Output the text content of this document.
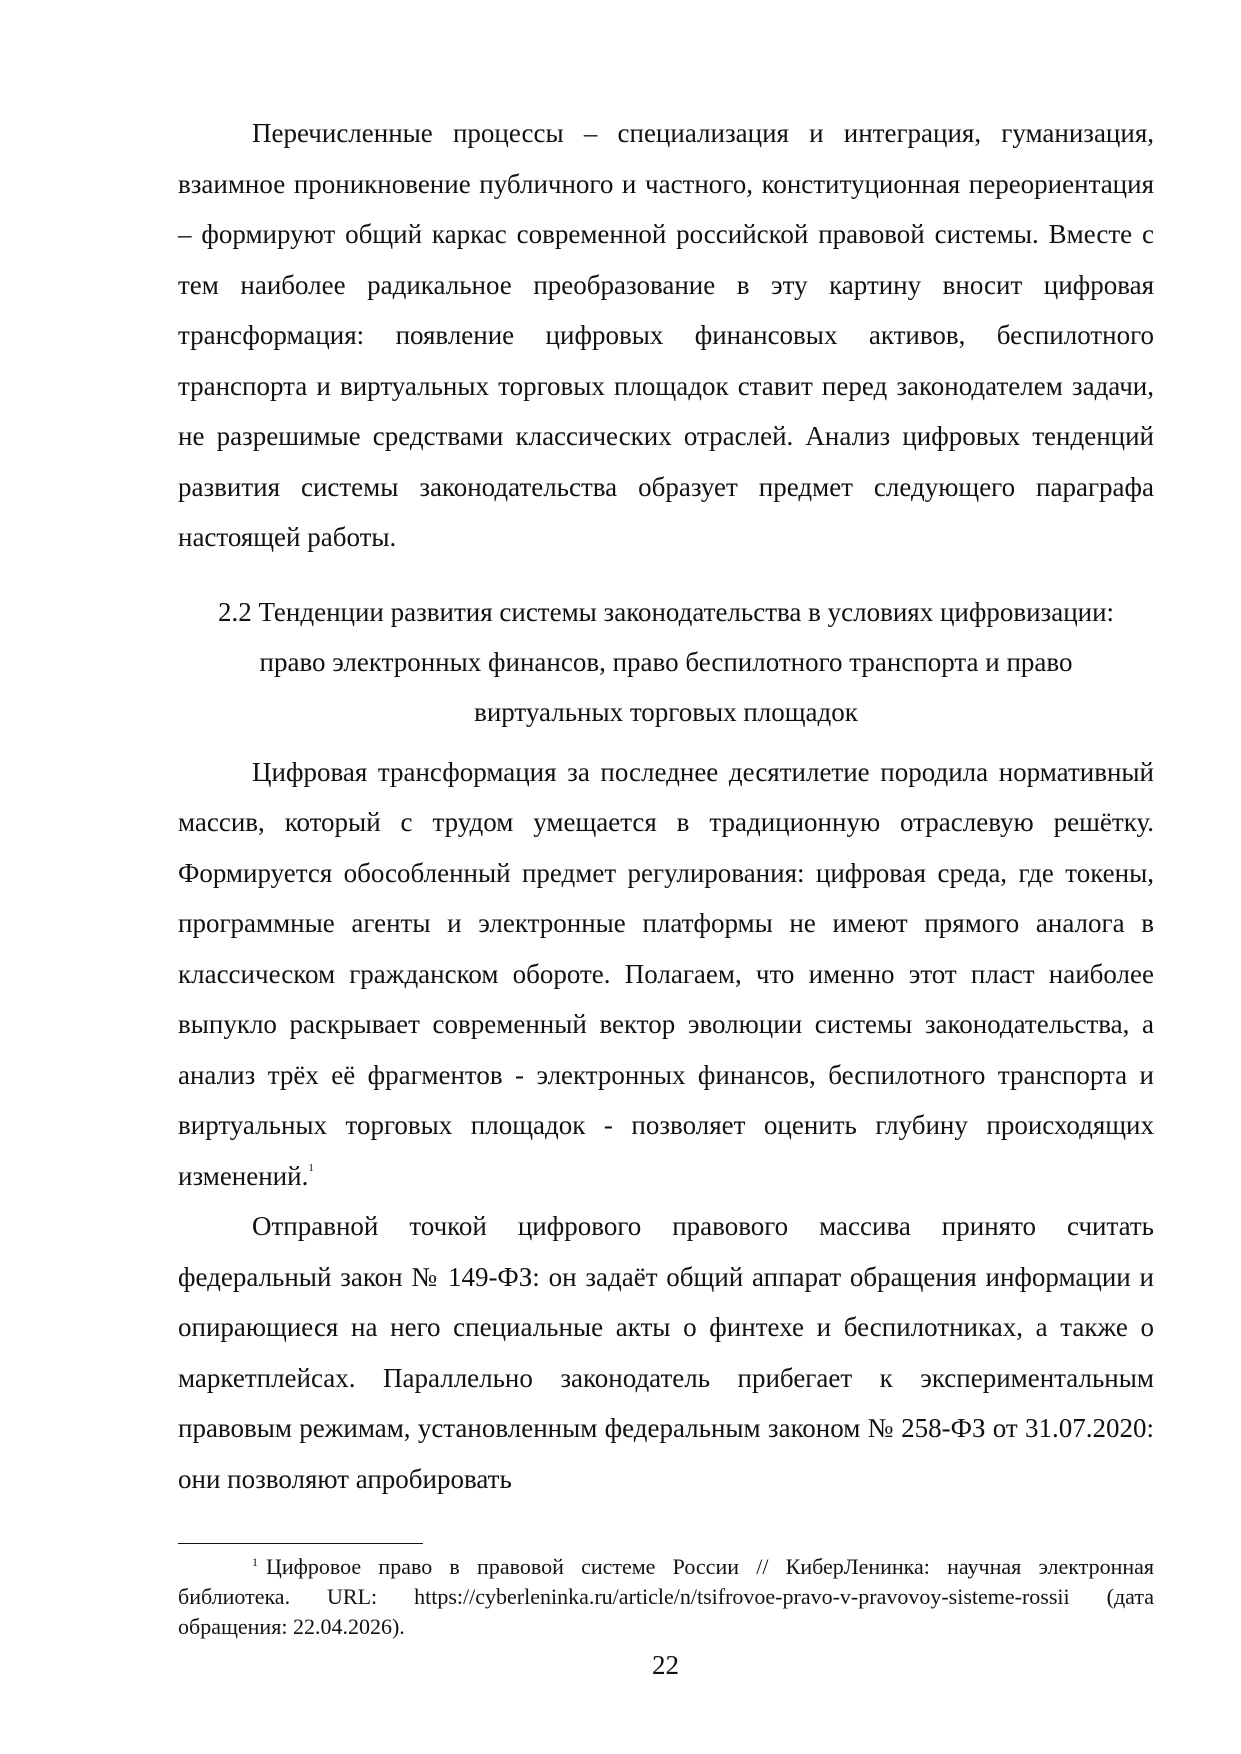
Перечисленные процессы – специализация и интеграция, гуманизация, взаимное проникновение публичного и частного, конституционная переориентация – формируют общий каркас современной российской правовой системы. Вместе с тем наиболее радикальное преобразование в эту картину вносит цифровая трансформация: появление цифровых финансовых активов, беспилотного транспорта и виртуальных торговых площадок ставит перед законодателем задачи, не разрешимые средствами классических отраслей. Анализ цифровых тенденций развития системы законодательства образует предмет следующего параграфа настоящей работы.

2.2 Тенденции развития системы законодательства в условиях цифровизации:
право электронных финансов, право беспилотного транспорта и право
виртуальных торговых площадок

Цифровая трансформация за последнее десятилетие породила нормативный массив, который с трудом умещается в традиционную отраслевую решётку. Формируется обособленный предмет регулирования: цифровая среда, где токены, программные агенты и электронные платформы не имеют прямого аналога в классическом гражданском обороте. Полагаем, что именно этот пласт наиболее выпукло раскрывает современный вектор эволюции системы законодательства, а анализ трёх её фрагментов - электронных финансов, беспилотного транспорта и виртуальных торговых площадок - позволяет оценить глубину происходящих изменений.$^1$

Отправной точкой цифрового правового массива принято считать федеральный закон № 149-ФЗ: он задаёт общий аппарат обращения информации и опирающиеся на него специальные акты о финтехе и беспилотниках, а также о маркетплейсах. Параллельно законодатель прибегает к экспериментальным правовым режимам, установленным федеральным законом № 258-ФЗ от 31.07.2020: они позволяют апробировать

$^1$ Цифровое право в правовой системе России // КиберЛенинка: научная электронная библиотека. URL: https://cyberleninka.ru/article/n/tsifrovoe-pravo-v-pravovoy-sisteme-rossii (дата обращения: 22.04.2026).

22
